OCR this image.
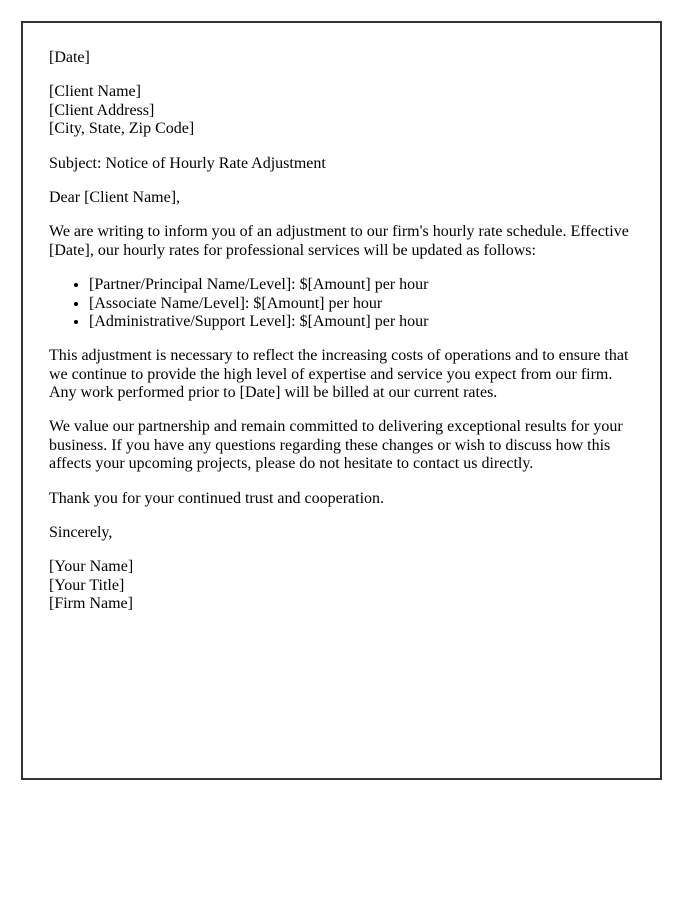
[Date]

[Client Name]
[Client Address]
[City, State, Zip Code]

Subject: Notice of Hourly Rate Adjustment

Dear [Client Name],

We are writing to inform you of an adjustment to our firm's hourly rate schedule. Effective [Date], our hourly rates for professional services will be updated as follows:

• [Partner/Principal Name/Level]: $[Amount] per hour
• [Associate Name/Level]: $[Amount] per hour
• [Administrative/Support Level]: $[Amount] per hour

This adjustment is necessary to reflect the increasing costs of operations and to ensure that we continue to provide the high level of expertise and service you expect from our firm. Any work performed prior to [Date] will be billed at our current rates.

We value our partnership and remain committed to delivering exceptional results for your business. If you have any questions regarding these changes or wish to discuss how this affects your upcoming projects, please do not hesitate to contact us directly.

Thank you for your continued trust and cooperation.

Sincerely,

[Your Name]
[Your Title]
[Firm Name]
